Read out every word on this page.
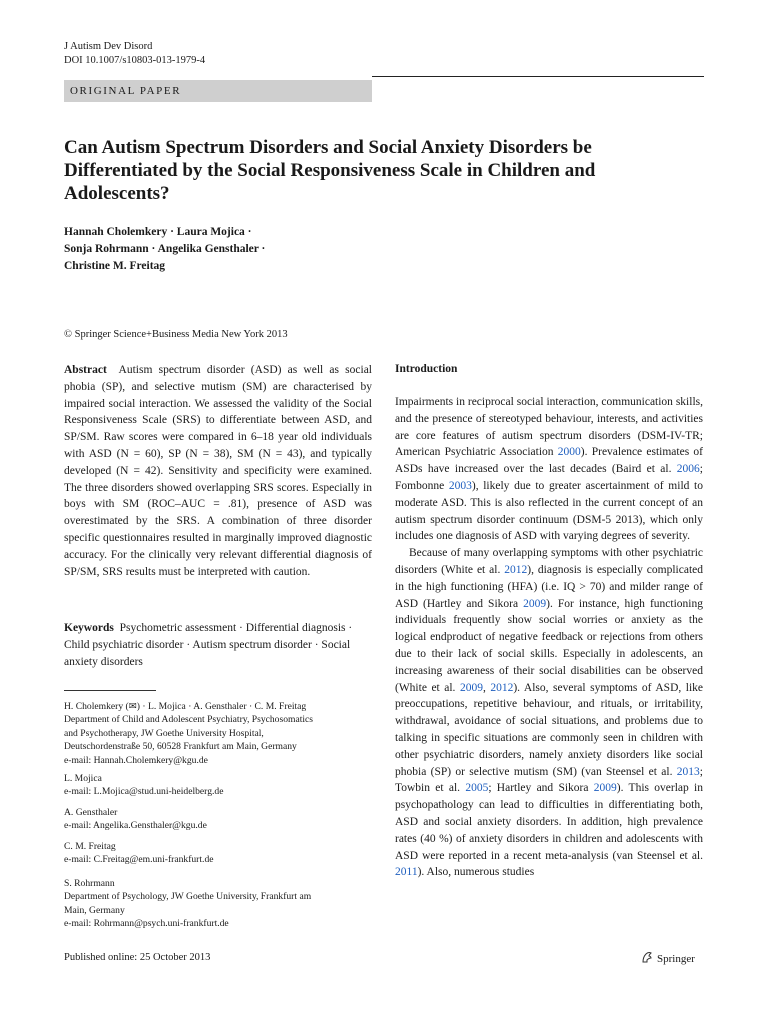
J Autism Dev Disord
DOI 10.1007/s10803-013-1979-4
ORIGINAL PAPER
Can Autism Spectrum Disorders and Social Anxiety Disorders be Differentiated by the Social Responsiveness Scale in Children and Adolescents?
Hannah Cholemkery · Laura Mojica ·
Sonja Rohrmann · Angelika Gensthaler ·
Christine M. Freitag
© Springer Science+Business Media New York 2013
Abstract Autism spectrum disorder (ASD) as well as social phobia (SP), and selective mutism (SM) are characterised by impaired social interaction. We assessed the validity of the Social Responsiveness Scale (SRS) to differentiate between ASD, and SP/SM. Raw scores were compared in 6–18 year old individuals with ASD (N = 60), SP (N = 38), SM (N = 43), and typically developed (N = 42). Sensitivity and specificity were examined. The three disorders showed overlapping SRS scores. Especially in boys with SM (ROC–AUC = .81), presence of ASD was overestimated by the SRS. A combination of three disorder specific questionnaires resulted in marginally improved diagnostic accuracy. For the clinically very relevant differential diagnosis of SP/SM, SRS results must be interpreted with caution.
Keywords Psychometric assessment · Differential diagnosis · Child psychiatric disorder · Autism spectrum disorder · Social anxiety disorders
H. Cholemkery (✉) · L. Mojica · A. Gensthaler · C. M. Freitag
Department of Child and Adolescent Psychiatry, Psychosomatics
and Psychotherapy, JW Goethe University Hospital,
Deutschordenstraße 50, 60528 Frankfurt am Main, Germany
e-mail: Hannah.Cholemkery@kgu.de
L. Mojica
e-mail: L.Mojica@stud.uni-heidelberg.de
A. Gensthaler
e-mail: Angelika.Gensthaler@kgu.de
C. M. Freitag
e-mail: C.Freitag@em.uni-frankfurt.de
S. Rohrmann
Department of Psychology, JW Goethe University, Frankfurt am
Main, Germany
e-mail: Rohrmann@psych.uni-frankfurt.de
Published online: 25 October 2013	Springer
Introduction

Impairments in reciprocal social interaction, communication skills, and the presence of stereotyped behaviour, interests, and activities are core features of autism spectrum disorders (DSM-IV-TR; American Psychiatric Association 2000). Prevalence estimates of ASDs have increased over the last decades (Baird et al. 2006; Fombonne 2003), likely due to greater ascertainment of mild to moderate ASD. This is also reflected in the current concept of an autism spectrum disorder continuum (DSM-5 2013), which only includes one diagnosis of ASD with varying degrees of severity.

Because of many overlapping symptoms with other psychiatric disorders (White et al. 2012), diagnosis is especially complicated in the high functioning (HFA) (i.e. IQ > 70) and milder range of ASD (Hartley and Sikora 2009). For instance, high functioning individuals frequently show social worries or anxiety as the logical endproduct of negative feedback or rejections from others due to their lack of social skills. Especially in adolescents, an increasing awareness of their social disabilities can be observed (White et al. 2009, 2012). Also, several symptoms of ASD, like preoccupations, repetitive behaviour, and rituals, or irritability, withdrawal, avoidance of social situations, and problems due to talking in specific situations are commonly seen in children with other psychiatric disorders, namely anxiety disorders like social phobia (SP) or selective mutism (SM) (van Steensel et al. 2013; Towbin et al. 2005; Hartley and Sikora 2009). This overlap in psychopathology can lead to difficulties in differentiating both, ASD and social anxiety disorders. In addition, high prevalence rates (40 %) of anxiety disorders in children and adolescents with ASD were reported in a recent meta-analysis (van Steensel et al. 2011). Also, numerous studies
